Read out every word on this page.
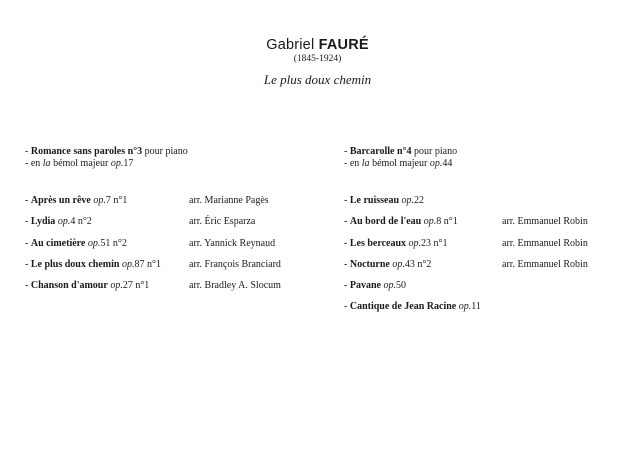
Gabriel FAURÉ
(1845-1924)
Le plus doux chemin
- Romance sans paroles n°3 pour piano
- en la bémol majeur op.17
- Après un rêve op.7 n°1	arr. Marianne Pagès
- Lydia op.4 n°2	arr. Éric Esparza
- Au cimetière op.51 n°2	arr. Yannick Reynaud
- Le plus doux chemin op.87 n°1	arr. François Branciard
- Chanson d'amour op.27 n°1	arr. Bradley A. Slocum
- Barcarolle n°4 pour piano
- en la bémol majeur op.44
- Le ruisseau op.22
- Au bord de l'eau op.8 n°1	arr. Emmanuel Robin
- Les berceaux op.23 n°1	arr. Emmanuel Robin
- Nocturne op.43 n°2	arr. Emmanuel Robin
- Pavane op.50
- Cantique de Jean Racine op.11
